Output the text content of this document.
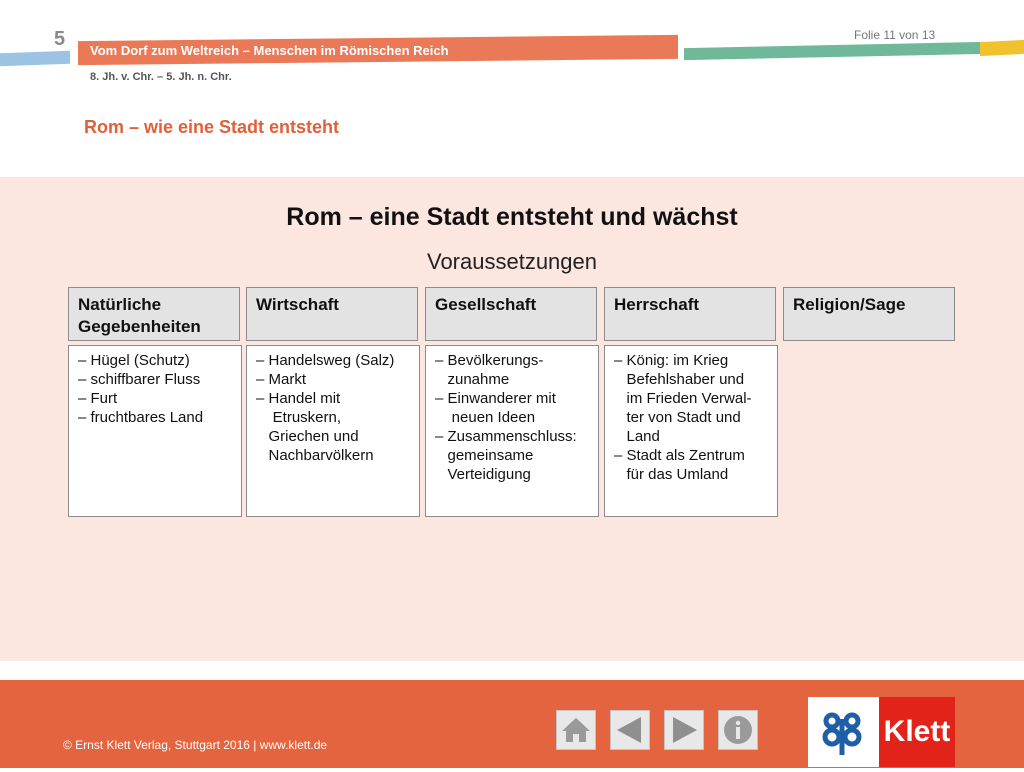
5
Vom Dorf zum Weltreich – Menschen im Römischen Reich
Folie 11 von 13
8. Jh. v. Chr. – 5. Jh. n. Chr.
Rom – wie eine Stadt entsteht
Rom – eine Stadt entsteht und wächst
Voraussetzungen
Natürliche Gegebenheiten
– Hügel (Schutz)
– schiffbarer Fluss
– Furt
– fruchtbares Land
Wirtschaft
– Handelsweg (Salz)
– Markt
– Handel mit
Etruskern,
Griechen und
Nachbarvölkern
Gesellschaft
– Bevölkerungs-
zunahme
– Einwanderer mit
neuen Ideen
– Zusammenschluss:
gemeinsame
Verteidigung
Herrschaft
– König: im Krieg
Befehlshaber und
im Frieden Verwal-
ter von Stadt und
Land
– Stadt als Zentrum
für das Umland
Religion/Sage
© Ernst Klett Verlag, Stuttgart 2016 | www.klett.de	Klett
